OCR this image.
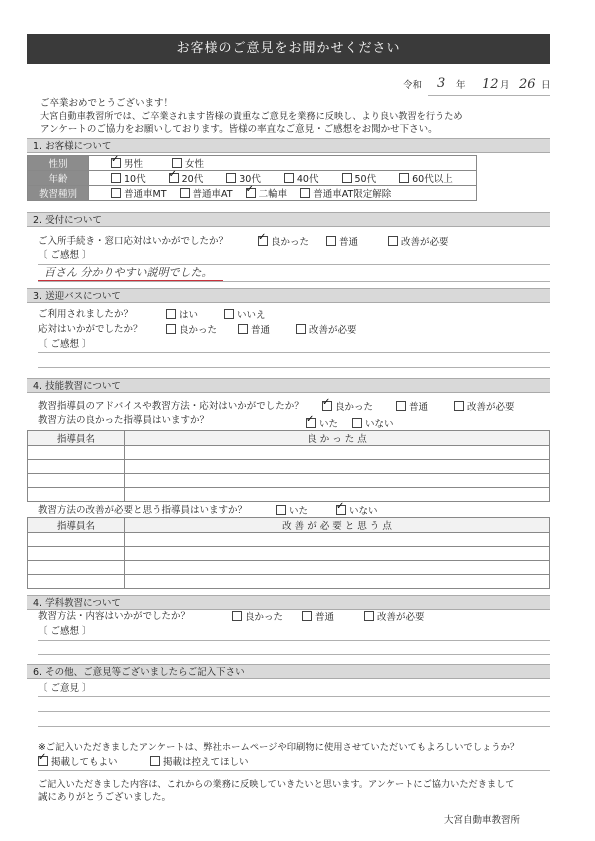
お客様のご意見をお聞かせください
令和 3 年 12 月 26 日
ご卒業おめでとうございます！
大宮自動車教習所では、ご卒業されます皆様の貴重なご意見を業務に反映し、より良い教習を行うため
アンケートのご協力をお願いしております。皆様の率直なご意見・ご感想をお聞かせ下さい。
1. お客様について
性別	✓男性 女性
年齢	10代 ✓ 20代 30代 40代 50代 60代以上
教習種別	普通車MT 普通車AT ✓ 二輪車 普通車AT限定解除
2. 受付について
ご入所手続き・窓口応対はいかがでしたか？ ✓	良かった	普通	改善が必要
〔 ご感想 〕
百さん 分かりやすい説明でした。
3. 送迎バスについて
ご利用されましたか？	はい	いいえ
応対はいかがでしたか？	良かった	普通	改善が必要
〔 ご感想 〕
4. 技能教習について
教習指導員のアドバイスや教習方法・応対はいかがでしたか？ ✓	良かった	普通	改善が必要
教習方法の良かった指導員はいますか？ ✓	いた	いない
指導員名	良 か っ た 点

教習方法の改善が必要と思う指導員はいますか？	いた ✓	いない
指導員名	改 善 が 必 要 と 思 う 点

4. 学科教習について
教習方法・内容はいかがでしたか？	良かった	普通	改善が必要
〔 ご感想 〕
6. その他、ご意見等ございましたらご記入下さい
〔 ご意見 〕
※ご記入いただきましたアンケートは、弊社ホームページや印刷物に使用させていただいてもよろしいでしょうか？
✓掲載してもよい	掲載は控えてほしい
ご記入いただきました内容は、これからの業務に反映していきたいと思います。アンケートにご協力いただきまして
誠にありがとうございました。
大宮自動車教習所
